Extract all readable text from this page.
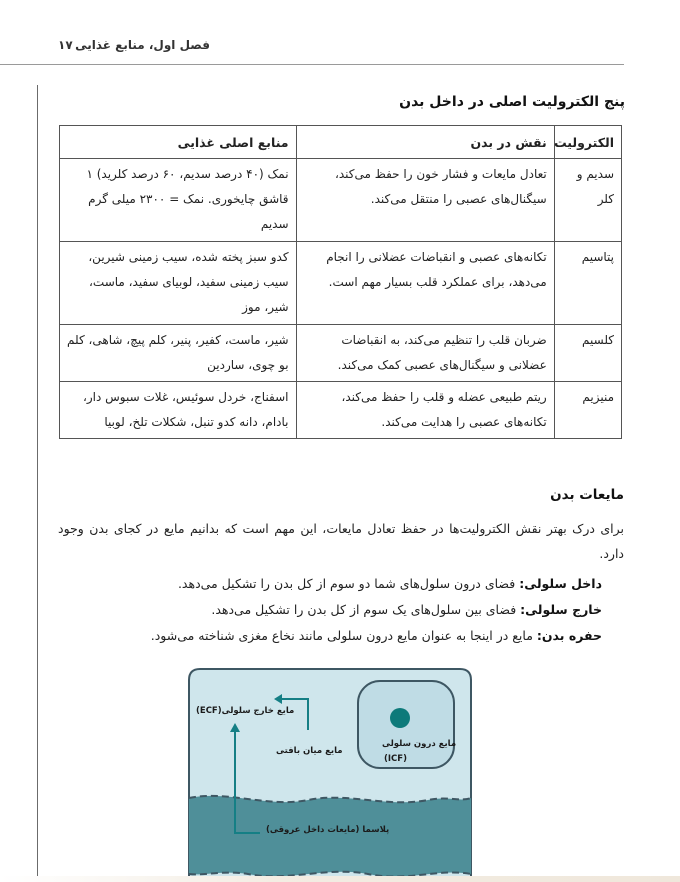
فصل اول، منابع غذایی
۱۷
پنج الکترولیت اصلی در داخل بدن
الکترولیت	نقش در بدن	منابع اصلی غذایی
سدیم و کلر	تعادل مایعات و فشار خون را حفظ می‌کند، سیگنال‌های عصبی را منتقل می‌کند.	نمک (۴۰ درصد سدیم، ۶۰ درصد کلرید) ۱ قاشق چایخوری. نمک = ۲۳۰۰ میلی گرم سدیم
پتاسیم	تکانه‌های عصبی و انقباضات عضلانی را انجام می‌دهد، برای عملکرد قلب بسیار مهم است.	کدو سبز پخته شده، سیب زمینی شیرین، سیب زمینی سفید، لوبیای سفید، ماست، شیر، موز
کلسیم	ضربان قلب را تنظیم می‌کند، به انقباضات عضلانی و سیگنال‌های عصبی کمک می‌کند.	شیر، ماست، کفیر، پنیر، کلم پیچ، شاهی، کلم بو چوی، ساردین
منیزیم	ریتم طبیعی عضله و قلب را حفظ می‌کند، تکانه‌های عصبی را هدایت می‌کند.	اسفناج، خردل سوئیس، غلات سبوس دار، بادام، دانه کدو تنبل، شکلات تلخ، لوبیا
مایعات بدن

برای درک بهتر نقش الکترولیت‌ها در حفظ تعادل مایعات، این مهم است که بدانیم مایع در کجای بدن وجود دارد.

داخل سلولی: فضای درون سلول‌های شما دو سوم از کل بدن را تشکیل می‌دهد.

خارج سلولی: فضای بین سلول‌های یک سوم از کل بدن را تشکیل می‌دهد.

حفره بدن: مایع در اینجا به عنوان مایع درون سلولی مانند نخاع مغزی شناخته می‌شود.

مایع خارج سلولی(ECF)
مایع میان بافتی
مایع درون سلولی
(ICF)
پلاسما (مایعات داخل عروقی)
